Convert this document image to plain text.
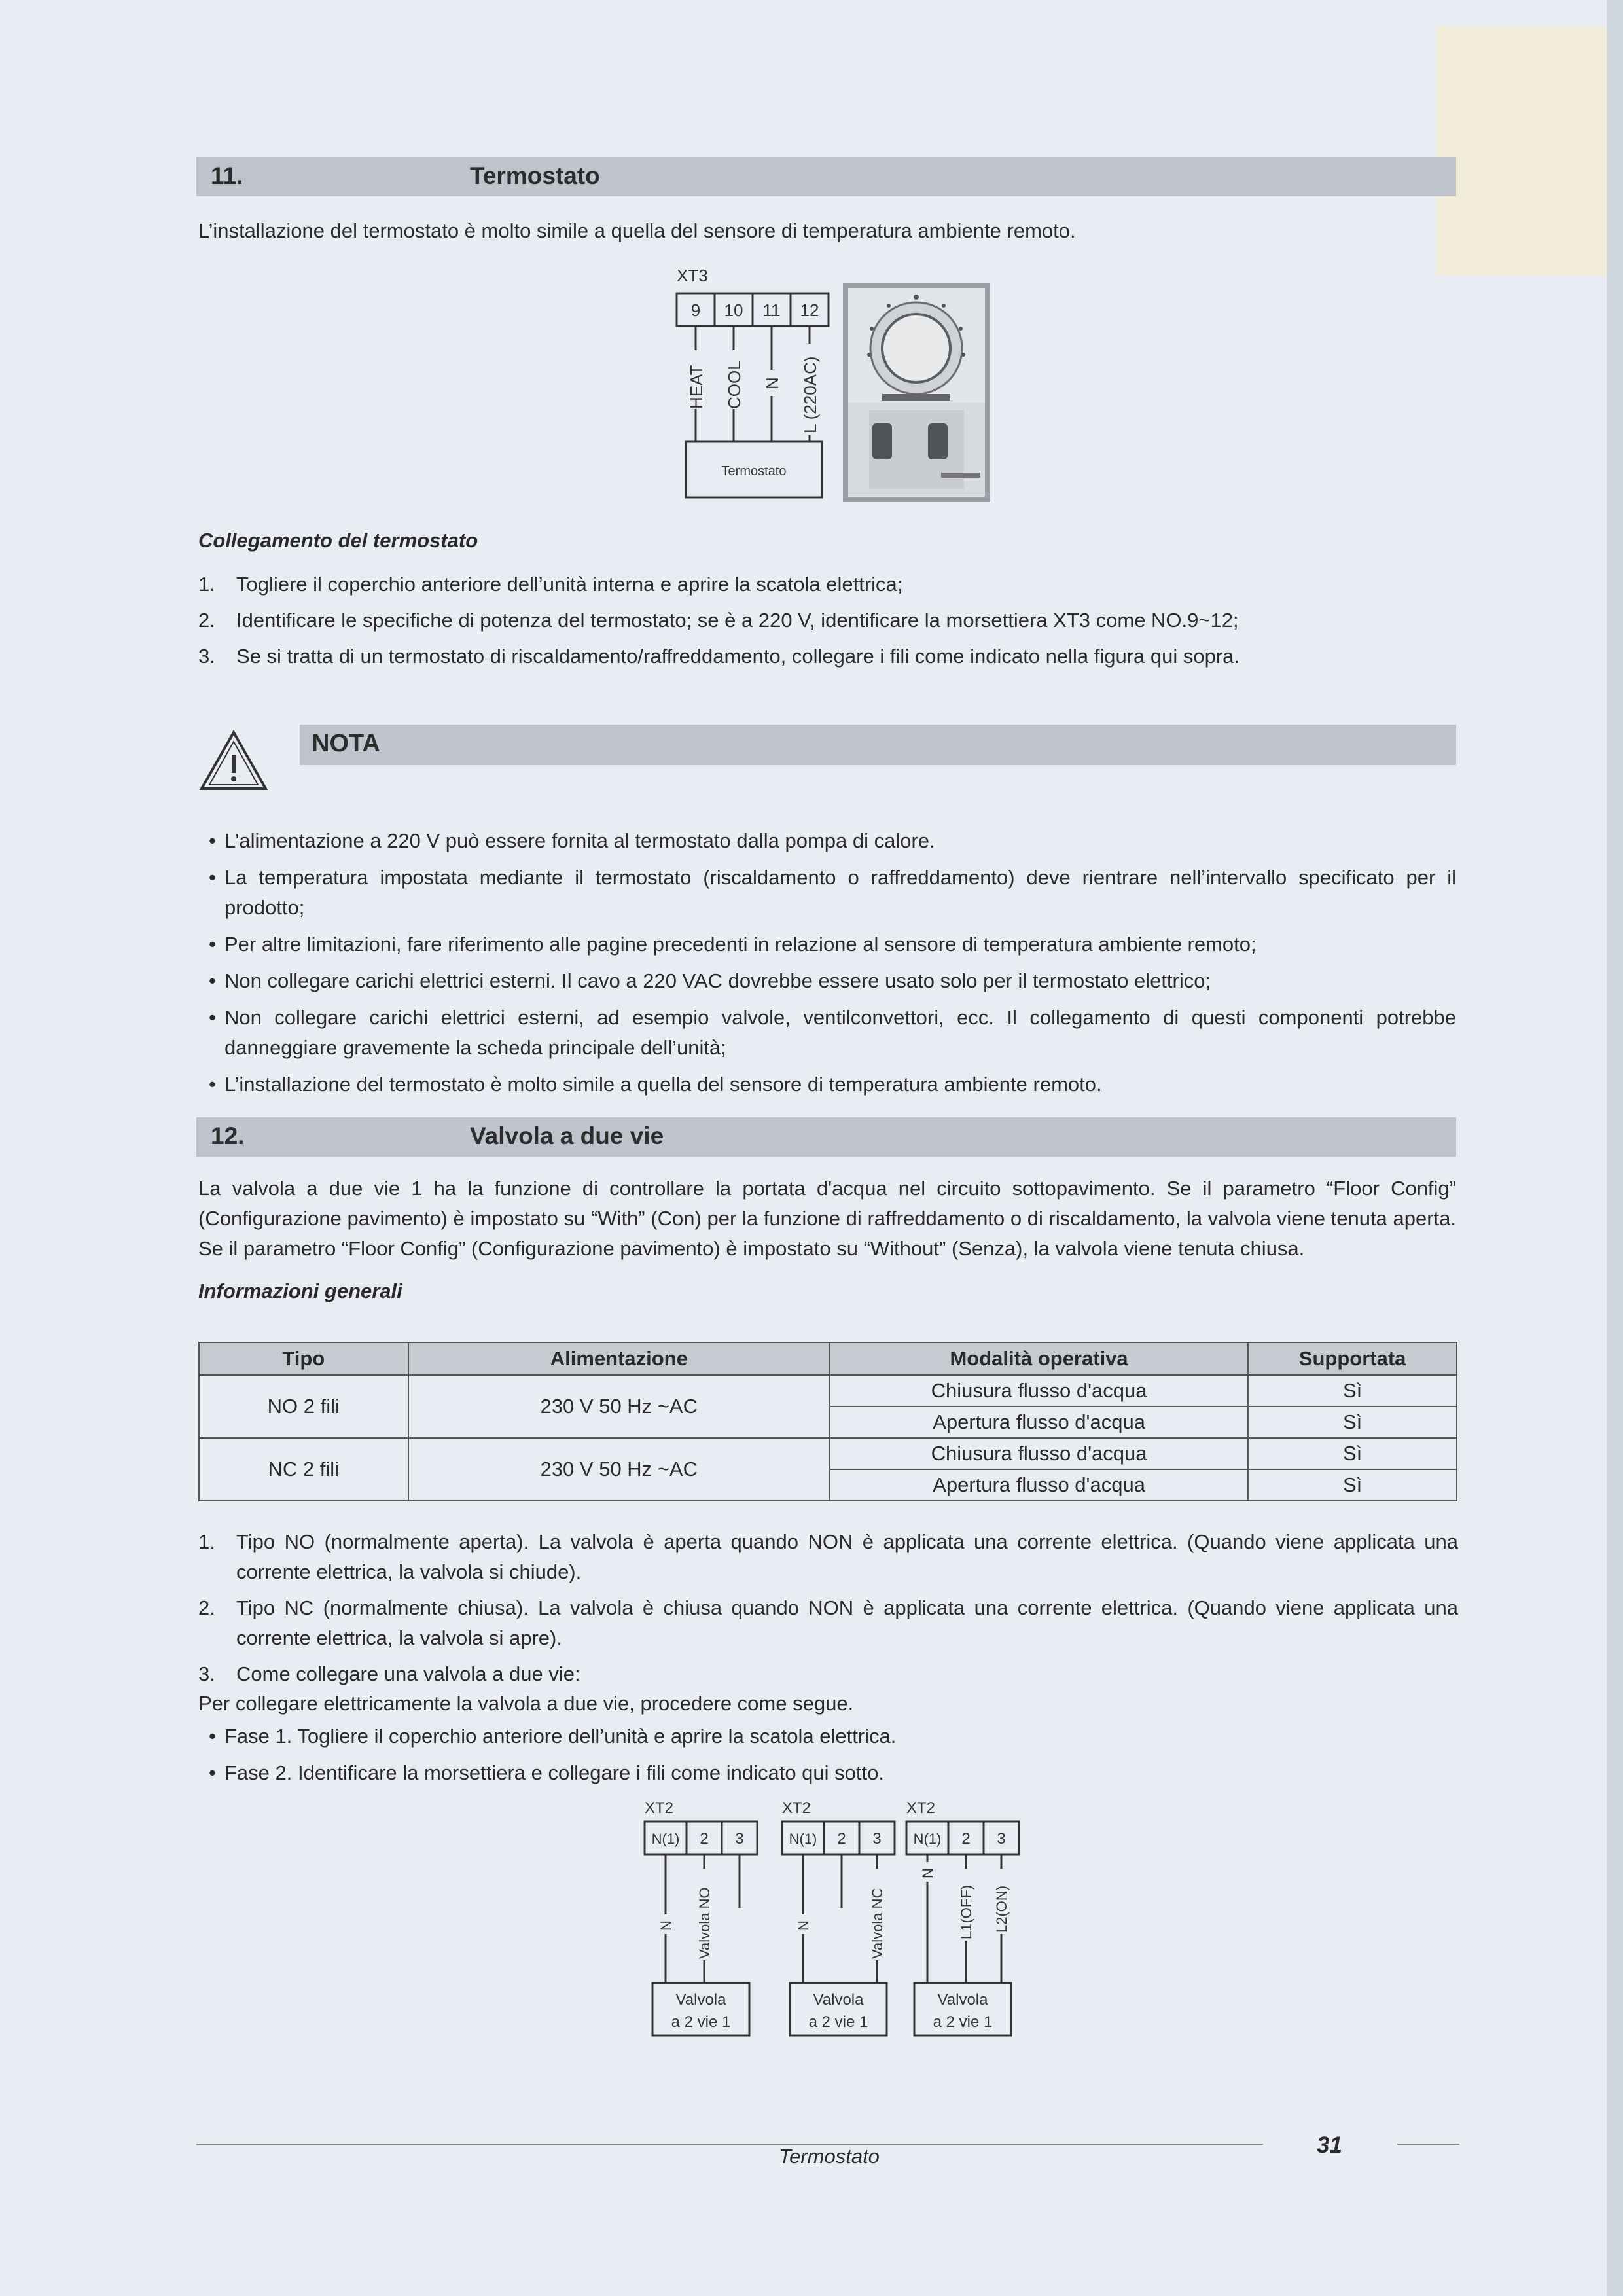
11.	Termostato
L’installazione del termostato è molto simile a quella del sensore di temperatura ambiente remoto.
XT3
9 10 11 12
HEAT COOL N L (220AC)
Termostato
Collegamento del termostato
1. Togliere il coperchio anteriore dell’unità interna e aprire la scatola elettrica;
2. Identificare le specifiche di potenza del termostato; se è a 220 V, identificare la morsettiera XT3 come NO.9~12;
3. Se si tratta di un termostato di riscaldamento/raffreddamento, collegare i fili come indicato nella figura qui sopra.
NOTA
• L’alimentazione a 220 V può essere fornita al termostato dalla pompa di calore.
• La temperatura impostata mediante il termostato (riscaldamento o raffreddamento) deve rientrare nell’intervallo specificato per il prodotto;
• Per altre limitazioni, fare riferimento alle pagine precedenti in relazione al sensore di temperatura ambiente remoto;
• Non collegare carichi elettrici esterni. Il cavo a 220 VAC dovrebbe essere usato solo per il termostato elettrico;
• Non collegare carichi elettrici esterni, ad esempio valvole, ventilconvettori, ecc. Il collegamento di questi componenti potrebbe danneggiare gravemente la scheda principale dell’unità;
• L’installazione del termostato è molto simile a quella del sensore di temperatura ambiente remoto.
12.	Valvola a due vie
La valvola a due vie 1 ha la funzione di controllare la portata d'acqua nel circuito sottopavimento. Se il parametro “Floor Config” (Configurazione pavimento) è impostato su “With” (Con) per la funzione di raffreddamento o di riscaldamento, la valvola viene tenuta aperta. Se il parametro “Floor Config” (Configurazione pavimento) è impostato su “Without” (Senza), la valvola viene tenuta chiusa.
Informazioni generali
Tipo	Alimentazione	Modalità operativa	Supportata
NO 2 fili	230 V 50 Hz ~AC	Chiusura flusso d'acqua	Sì
		Apertura flusso d'acqua	Sì
NC 2 fili	230 V 50 Hz ~AC	Chiusura flusso d'acqua	Sì
		Apertura flusso d'acqua	Sì
1. Tipo NO (normalmente aperta). La valvola è aperta quando NON è applicata una corrente elettrica. (Quando viene applicata una corrente elettrica, la valvola si chiude).
2. Tipo NC (normalmente chiusa). La valvola è chiusa quando NON è applicata una corrente elettrica. (Quando viene applicata una corrente elettrica, la valvola si apre).
3. Come collegare una valvola a due vie:
Per collegare elettricamente la valvola a due vie, procedere come segue.
• Fase 1. Togliere il coperchio anteriore dell’unità e aprire la scatola elettrica.
• Fase 2. Identificare la morsettiera e collegare i fili come indicato qui sotto.
XT2
N(1) 2 3
N Valvola NO
Valvola
a 2 vie 1
XT2
N(1) 2 3
N	Valvola NC
Valvola
a 2 vie 1
XT2
N(1) 2 3
N
L1(OFF) L2(ON)
Valvola
a 2 vie 1
Termostato	31
